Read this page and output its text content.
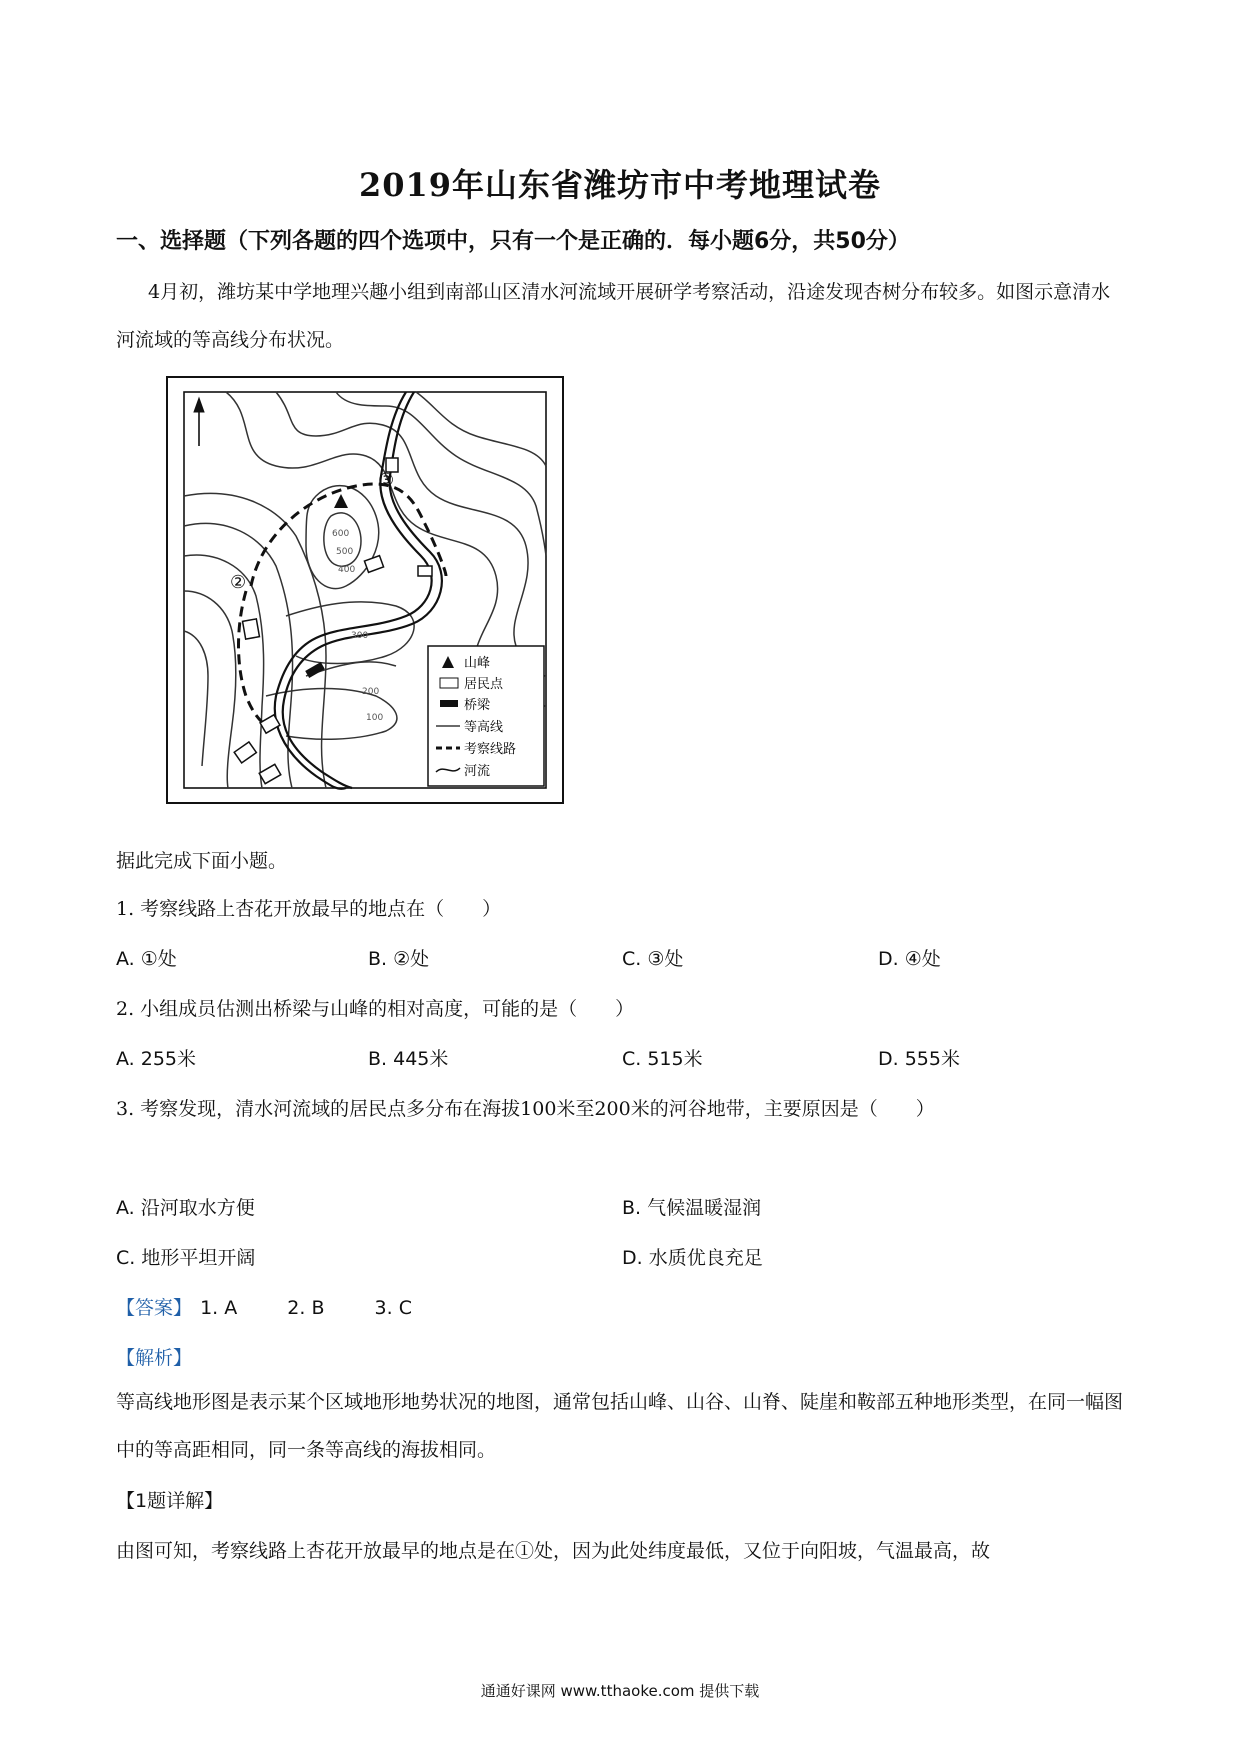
2019年山东省潍坊市中考地理试卷
一、选择题（下列各题的四个选项中，只有一个是正确的．每小题6分，共50分）
4月初，潍坊某中学地理兴趣小组到南部山区清水河流域开展研学考察活动，沿途发现杏树分布较多。如图示意清水河流域的等高线分布状况。
②
③
600
500
400
300
200
100
山峰
居民点
桥梁
等高线
考察线路
河流
据此完成下面小题。
1. 考察线路上杏花开放最早的地点在（　　）
A. ①处	B. ②处	C. ③处	D. ④处
2. 小组成员估测出桥梁与山峰的相对高度，可能的是（　　）
A. 255米	B. 445米	C. 515米	D. 555米
3. 考察发现，清水河流域的居民点多分布在海拔100米至200米的河谷地带，主要原因是（　　）
A. 沿河取水方便	B. 气候温暖湿润
C. 地形平坦开阔	D. 水质优良充足
【答案】 1. A	2. B	3. C
【解析】
等高线地形图是表示某个区域地形地势状况的地图，通常包括山峰、山谷、山脊、陡崖和鞍部五种地形类型，在同一幅图中的等高距相同，同一条等高线的海拔相同。
【1题详解】
由图可知，考察线路上杏花开放最早的地点是在①处，因为此处纬度最低，又位于向阳坡，气温最高，故
通通好课网 www.tthaoke.com 提供下载
